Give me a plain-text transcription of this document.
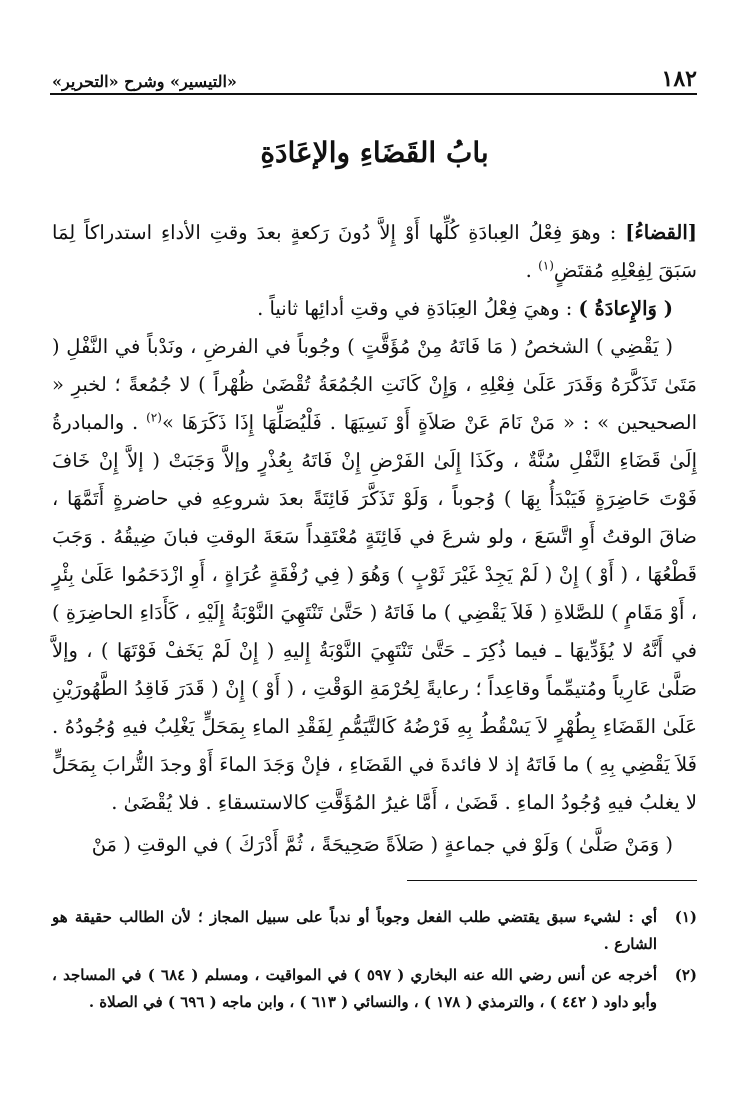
١٨٢
«التيسير» وشرح «التحرير»
بابُ القَضَاءِ والإعَادَةِ

[القضاءُ] : وهوَ فِعْلُ العِبادَةِ كُلِّها أَوْ إِلاَّ دُونَ رَكعةٍ بعدَ وقتِ الأداءِ استدراكاً لِمَا سَبَقَ لِفِعْلِهِ مُقتَضٍ$^{(١)}$ .

( وَالإِعادَةُ ) : وهيَ فِعْلُ العِبَادَةِ في وقتِ أدائِها ثانياً .

( يَقْضِي ) الشخصُ ( مَا فَاتَهُ مِنْ مُؤَقَّتٍ ) وجُوباً في الفرضِ ، ونَدْباً في النَّفْلِ ( مَتَىٰ تَذَكَّرَهُ وَقَدَرَ عَلَىٰ فِعْلِهِ ، وَإِنْ كَانَتِ الجُمُعَةُ تُقْضَىٰ ظُهْراً ) لا جُمُعةً ؛ لخبرِ « الصحيحين » : « مَنْ نَامَ عَنْ صَلاَةٍ أَوْ نَسِيَهَا . فَلْيُصَلِّهَا إِذَا ذَكَرَهَا »$^{(٢)}$ . والمبادرةُ إِلَىٰ قَضَاءِ النَّفْلِ سُنَّةٌ ، وكَذَا إِلَىٰ الفَرْضِ إِنْ فَاتَهُ بِعُذْرٍ وإلاَّ وَجَبَتْ ( إلاَّ إِنْ خَافَ فَوْتَ حَاضِرَةٍ فَيَبْدَأُ بِهَا ) وُجوباً ، وَلَوْ تَذَكَّرَ فَائِتَةً بعدَ شروعِهِ في حاضرةٍ أَتَمَّهَا ، ضاقَ الوقتُ أَوِ اتَّسَعَ ، ولو شرعَ في فَائِتَةٍ مُعْتَقِداً سَعَةَ الوقتِ فبانَ ضِيقُهُ . وَجَبَ قَطْعُهَا ، ( أَوْ ) إِنْ ( لَمْ يَجِدْ غَيْرَ ثَوْبٍ ) وَهُوَ ( فِي رُفْقَةٍ عُرَاةٍ ، أَوِ ازْدَحَمُوا عَلَىٰ بِئْرٍ ، أَوْ مَقَامٍ ) للصَّلاةِ ( فَلاَ يَقْضِي ) ما فَاتَهُ ( حَتَّىٰ تَنْتَهِيَ النَّوْبَةُ إِلَيْهِ ، كَأَدَاءِ الحاضِرَةِ ) في أَنَّهُ لا يُؤَدِّيهَا ـ فيما ذُكِرَ ـ حَتَّىٰ تَنْتَهِيَ النَّوْبَةُ إِليهِ ( إِنْ لَمْ يَخَفْ فَوْتَهَا ) ، وإلاَّ صَلَّىٰ عَارِياً ومُتيمِّماً وقاعِداً ؛ رعايةً لِحُرْمَةِ الوَقْتِ ، ( أَوْ ) إِنْ ( قَدَرَ فَاقِدُ الطَّهُورَيْنِ عَلَىٰ القَضَاءِ بِطُهْرٍ لاَ يَسْقُطُ بِهِ فَرْضُهُ كَالتَّيَمُّمِ لِفَقْدِ الماءِ بِمَحَلٍّ يَغْلِبُ فيهِ وُجُودُهُ . فَلاَ يَقْضِي بِهِ ) ما فَاتَهُ إذ لا فائدةَ في القَضَاءِ ، فإنْ وَجَدَ الماءَ أَوْ وجدَ التُّرابَ بِمَحَلٍّ لا يغلبُ فيهِ وُجُودُ الماءِ . قَضَىٰ ، أَمَّا غيرُ المُؤَقَّتِ كالاستسقاءِ . فلا يُقْضَىٰ .

( وَمَنْ صَلَّىٰ ) وَلَوْ في جماعةٍ ( صَلاَةً صَحِيحَةً ، ثُمَّ أَدْرَكَ ) في الوقتِ ( مَنْ

(١)
أي : لشيء سبق يقتضي طلب الفعل وجوباً أو ندباً على سبيل المجاز ؛ لأن الطالب حقيقة هو الشارع .
(٢)
أخرجه عن أنس رضي الله عنه البخاري ( ٥٩٧ ) في المواقيت ، ومسلم ( ٦٨٤ ) في المساجد ، وأبو داود ( ٤٤٢ ) ، والترمذي ( ١٧٨ ) ، والنسائي ( ٦١٣ ) ، وابن ماجه ( ٦٩٦ ) في الصلاة .
